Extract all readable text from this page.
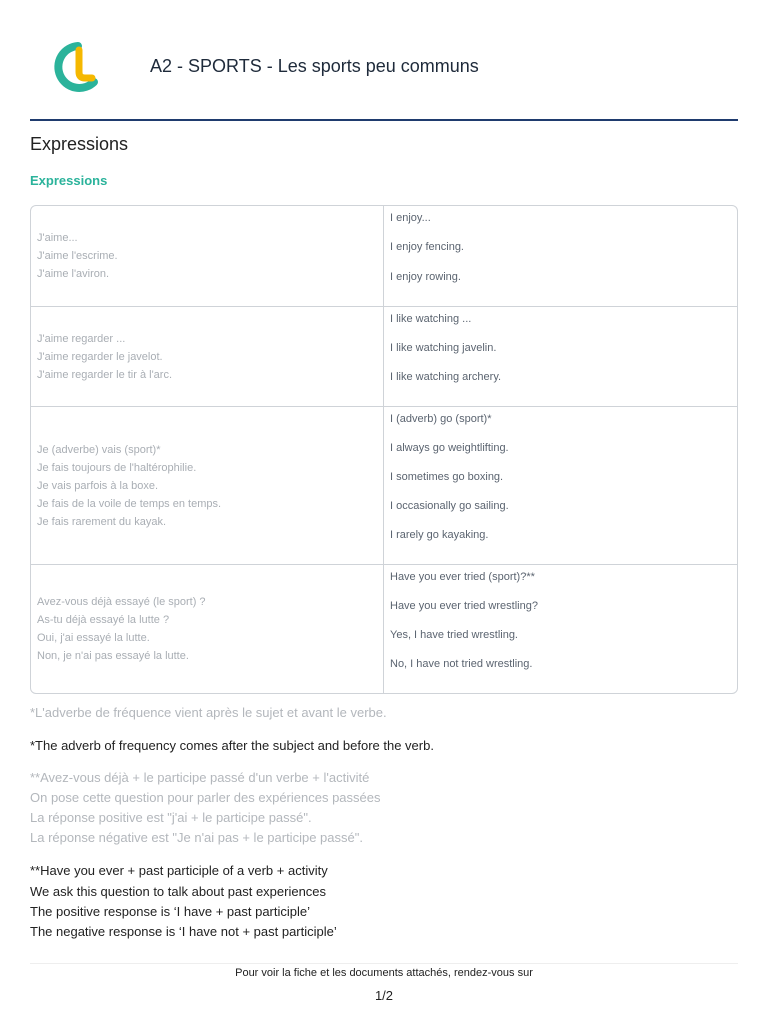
A2 - SPORTS - Les sports peu communs
Expressions
Expressions
J'aime...
J'aime l'escrime.
J'aime l'aviron.
I enjoy...
I enjoy fencing.
I enjoy rowing.
J'aime regarder ...
J'aime regarder le javelot.
J'aime regarder le tir à l'arc.
I like watching ...
I like watching javelin.
I like watching archery.
Je (adverbe) vais (sport)*
Je fais toujours de l'haltérophilie.
Je vais parfois à la boxe.
Je fais de la voile de temps en temps.
Je fais rarement du kayak.
I (adverb) go (sport)*
I always go weightlifting.
I sometimes go boxing.
I occasionally go sailing.
I rarely go kayaking.
Avez-vous déjà essayé (le sport) ?
As-tu déjà essayé la lutte ?
Oui, j'ai essayé la lutte.
Non, je n'ai pas essayé la lutte.
Have you ever tried (sport)?**
Have you ever tried wrestling?
Yes, I have tried wrestling.
No, I have not tried wrestling.
*L'adverbe de fréquence vient après le sujet et avant le verbe.
*The adverb of frequency comes after the subject and before the verb.
**Avez-vous déjà + le participe passé d'un verbe + l'activité
On pose cette question pour parler des expériences passées
La réponse positive est "j'ai + le participe passé".
La réponse négative est "Je n'ai pas + le participe passé".
**Have you ever + past participle of a verb + activity
We ask this question to talk about past experiences
The positive response is ‘I have + past participle’
The negative response is ‘I have not + past participle’
Pour voir la fiche et les documents attachés, rendez-vous sur
1/2
